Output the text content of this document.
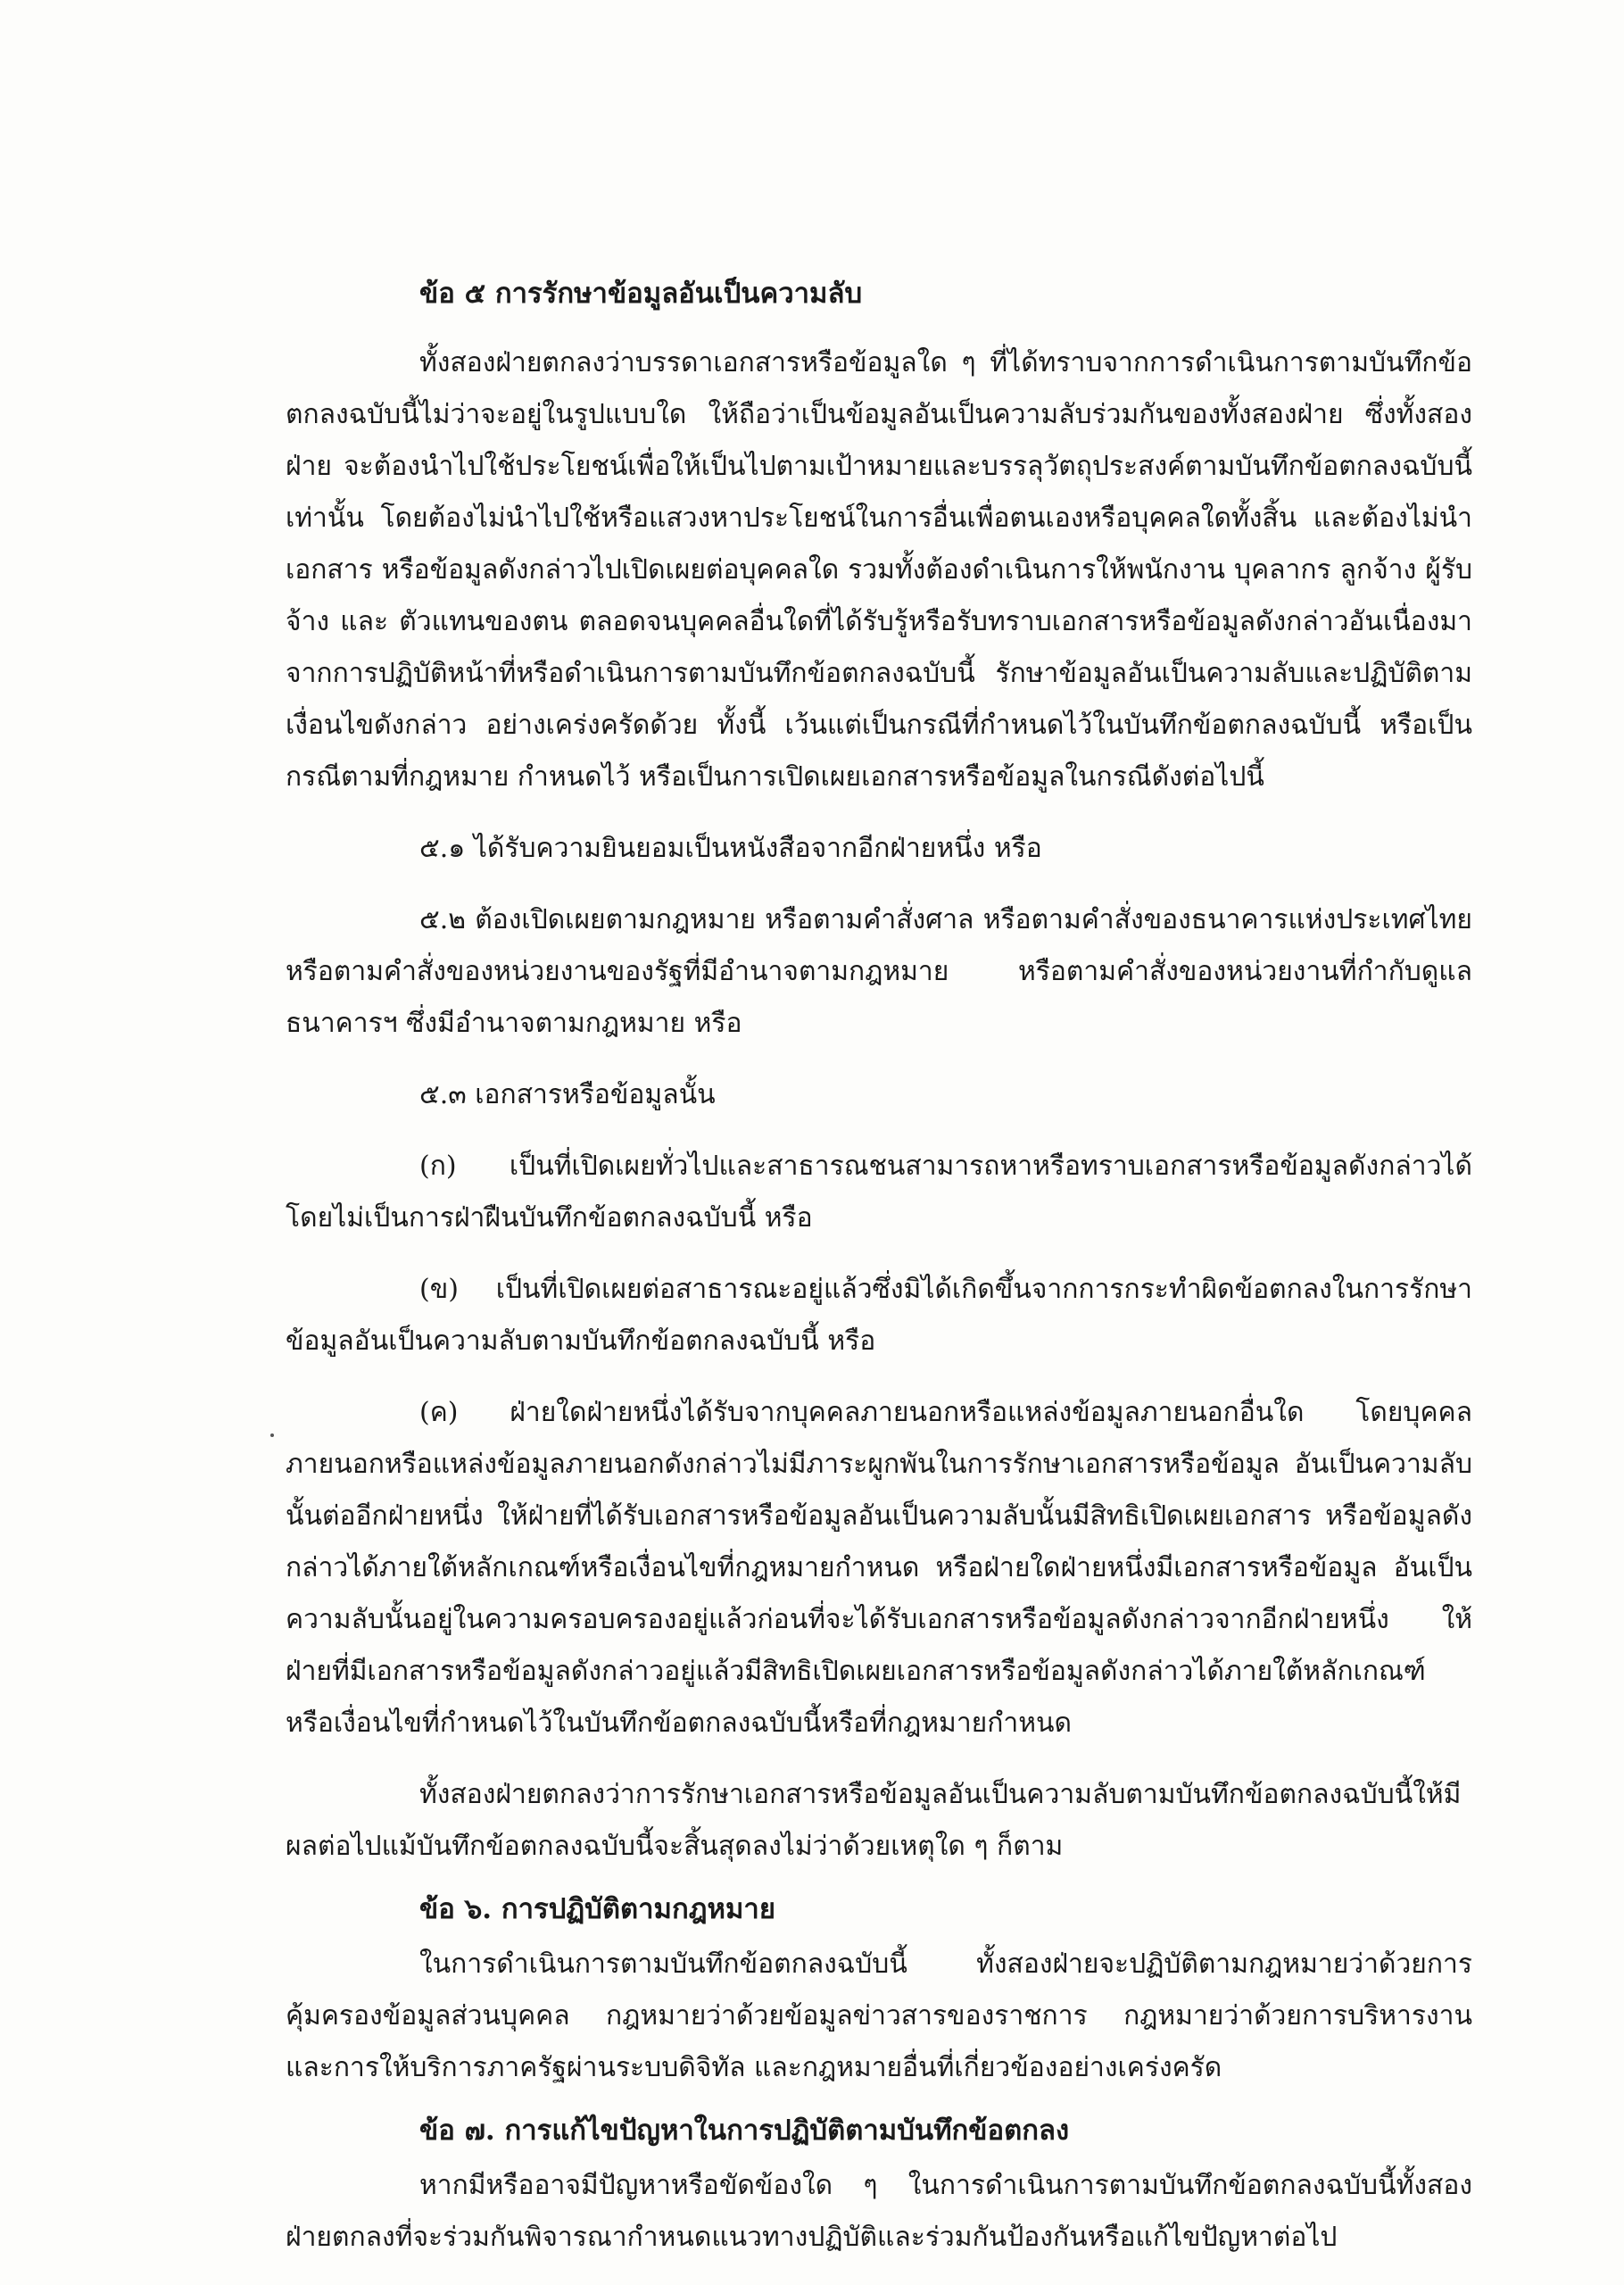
ข้อ ๕ การรักษาข้อมูลอันเป็นความลับ

ทั้งสองฝ่ายตกลงว่าบรรดาเอกสารหรือข้อมูลใด ๆ ที่ได้ทราบจากการดำเนินการตามบันทึกข้อตกลงฉบับนี้ไม่ว่าจะอยู่ในรูปแบบใด ให้ถือว่าเป็นข้อมูลอันเป็นความลับร่วมกันของทั้งสองฝ่าย ซึ่งทั้งสองฝ่าย จะต้องนำไปใช้ประโยชน์เพื่อให้เป็นไปตามเป้าหมายและบรรลุวัตถุประสงค์ตามบันทึกข้อตกลงฉบับนี้เท่านั้น โดยต้องไม่นำไปใช้หรือแสวงหาประโยชน์ในการอื่นเพื่อตนเองหรือบุคคลใดทั้งสิ้น และต้องไม่นำเอกสาร หรือข้อมูลดังกล่าวไปเปิดเผยต่อบุคคลใด รวมทั้งต้องดำเนินการให้พนักงาน บุคลากร ลูกจ้าง ผู้รับจ้าง และ ตัวแทนของตน ตลอดจนบุคคลอื่นใดที่ได้รับรู้หรือรับทราบเอกสารหรือข้อมูลดังกล่าวอันเนื่องมาจากการปฏิบัติหน้าที่หรือดำเนินการตามบันทึกข้อตกลงฉบับนี้ รักษาข้อมูลอันเป็นความลับและปฏิบัติตามเงื่อนไขดังกล่าว อย่างเคร่งครัดด้วย ทั้งนี้ เว้นแต่เป็นกรณีที่กำหนดไว้ในบันทึกข้อตกลงฉบับนี้ หรือเป็นกรณีตามที่กฎหมาย กำหนดไว้ หรือเป็นการเปิดเผยเอกสารหรือข้อมูลในกรณีดังต่อไปนี้

๕.๑ ได้รับความยินยอมเป็นหนังสือจากอีกฝ่ายหนึ่ง หรือ

๕.๒ ต้องเปิดเผยตามกฎหมาย หรือตามคำสั่งศาล หรือตามคำสั่งของธนาคารแห่งประเทศไทย หรือตามคำสั่งของหน่วยงานของรัฐที่มีอำนาจตามกฎหมาย หรือตามคำสั่งของหน่วยงานที่กำกับดูแลธนาคารฯ ซึ่งมีอำนาจตามกฎหมาย หรือ

๕.๓ เอกสารหรือข้อมูลนั้น

(ก) เป็นที่เปิดเผยทั่วไปและสาธารณชนสามารถหาหรือทราบเอกสารหรือข้อมูลดังกล่าวได้ โดยไม่เป็นการฝ่าฝืนบันทึกข้อตกลงฉบับนี้ หรือ

(ข) เป็นที่เปิดเผยต่อสาธารณะอยู่แล้วซึ่งมิได้เกิดขึ้นจากการกระทำผิดข้อตกลงในการรักษาข้อมูลอันเป็นความลับตามบันทึกข้อตกลงฉบับนี้ หรือ

(ค) ฝ่ายใดฝ่ายหนึ่งได้รับจากบุคคลภายนอกหรือแหล่งข้อมูลภายนอกอื่นใด โดยบุคคลภายนอกหรือแหล่งข้อมูลภายนอกดังกล่าวไม่มีภาระผูกพันในการรักษาเอกสารหรือข้อมูล อันเป็นความลับนั้นต่ออีกฝ่ายหนึ่ง ให้ฝ่ายที่ได้รับเอกสารหรือข้อมูลอันเป็นความลับนั้นมีสิทธิเปิดเผยเอกสาร หรือข้อมูลดังกล่าวได้ภายใต้หลักเกณฑ์หรือเงื่อนไขที่กฎหมายกำหนด หรือฝ่ายใดฝ่ายหนึ่งมีเอกสารหรือข้อมูล อันเป็นความลับนั้นอยู่ในความครอบครองอยู่แล้วก่อนที่จะได้รับเอกสารหรือข้อมูลดังกล่าวจากอีกฝ่ายหนึ่ง ให้ฝ่ายที่มีเอกสารหรือข้อมูลดังกล่าวอยู่แล้วมีสิทธิเปิดเผยเอกสารหรือข้อมูลดังกล่าวได้ภายใต้หลักเกณฑ์ หรือเงื่อนไขที่กำหนดไว้ในบันทึกข้อตกลงฉบับนี้หรือที่กฎหมายกำหนด

ทั้งสองฝ่ายตกลงว่าการรักษาเอกสารหรือข้อมูลอันเป็นความลับตามบันทึกข้อตกลงฉบับนี้ให้มีผลต่อไปแม้บันทึกข้อตกลงฉบับนี้จะสิ้นสุดลงไม่ว่าด้วยเหตุใด ๆ ก็ตาม

ข้อ ๖. การปฏิบัติตามกฎหมาย

ในการดำเนินการตามบันทึกข้อตกลงฉบับนี้ ทั้งสองฝ่ายจะปฏิบัติตามกฎหมายว่าด้วยการคุ้มครองข้อมูลส่วนบุคคล กฎหมายว่าด้วยข้อมูลข่าวสารของราชการ กฎหมายว่าด้วยการบริหารงาน และการให้บริการภาครัฐผ่านระบบดิจิทัล และกฎหมายอื่นที่เกี่ยวข้องอย่างเคร่งครัด

ข้อ ๗. การแก้ไขปัญหาในการปฏิบัติตามบันทึกข้อตกลง

หากมีหรืออาจมีปัญหาหรือขัดข้องใด ๆ ในการดำเนินการตามบันทึกข้อตกลงฉบับนี้ทั้งสองฝ่ายตกลงที่จะร่วมกันพิจารณากำหนดแนวทางปฏิบัติและร่วมกันป้องกันหรือแก้ไขปัญหาต่อไป
